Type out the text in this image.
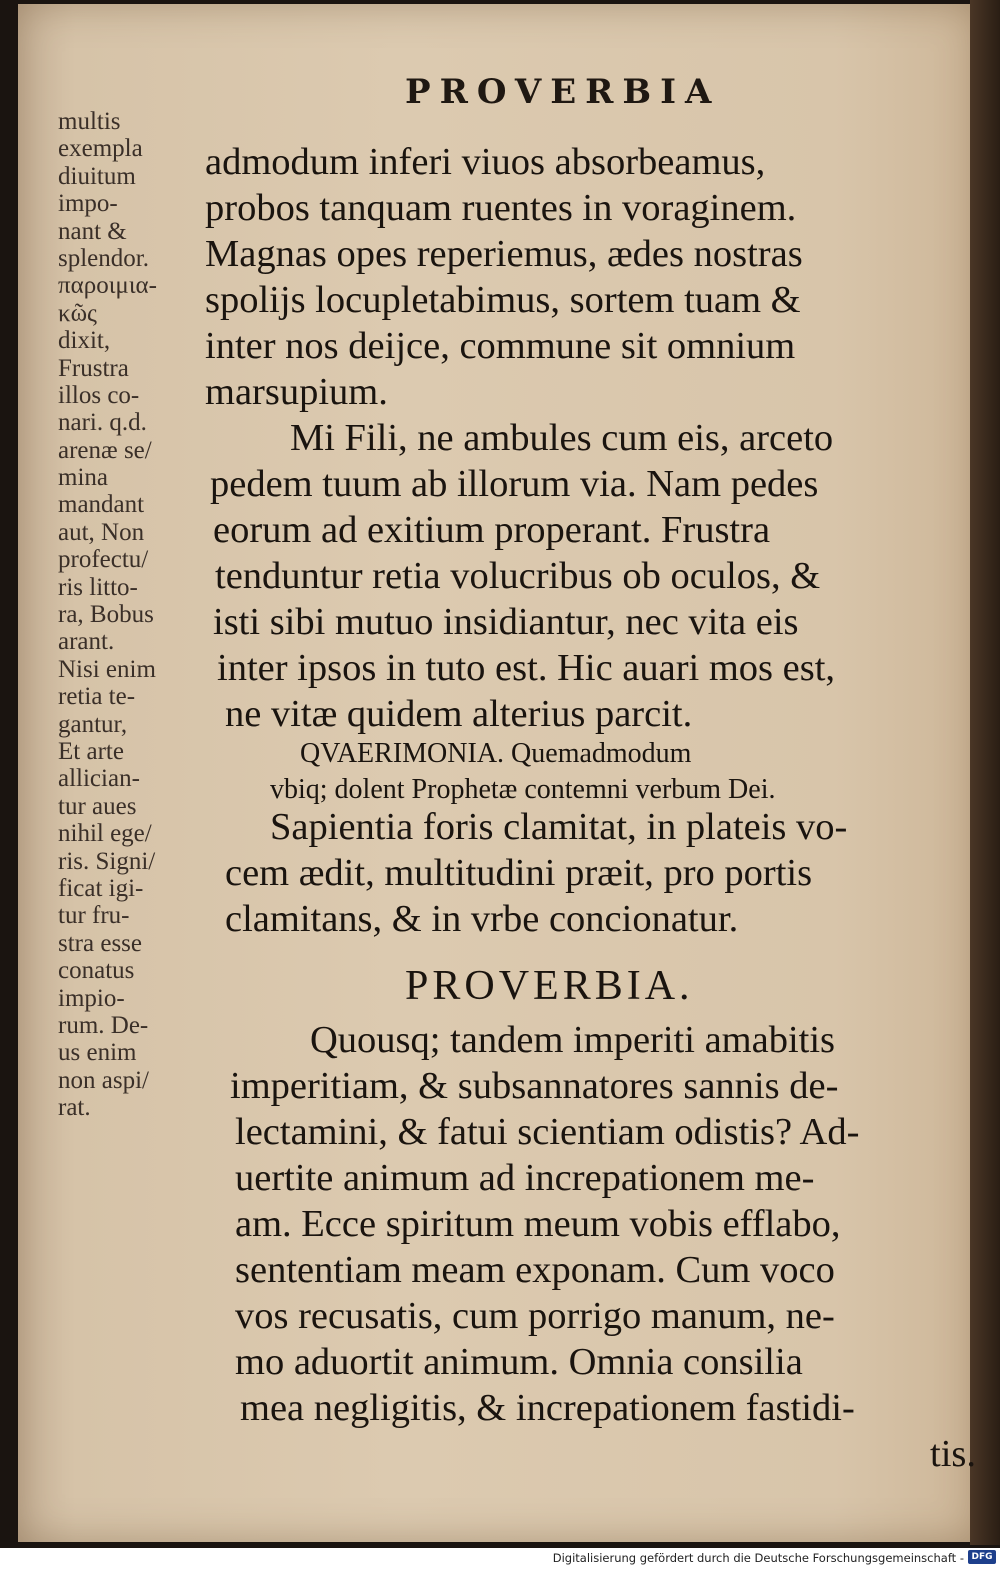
PROVERBIA
multis
exempla
diuitum
impo-
nant &
splendor.
παροιμια-
κῶς
dixit,
Frustra
illos co-
nari. q.d.
arenæ se/
mina
mandant
aut, Non
profectu/
ris litto-
ra, Bobus
arant.
Nisi enim
retia te-
gantur,
Et arte
allician-
tur aues
nihil ege/
ris. Signi/
ficat igi-
tur fru-
stra esse
conatus
impio-
rum. De-
us enim
non aspi/
rat.
admodum inferi viuos absorbeamus,
probos tanquam ruentes in voraginem.
Magnas opes reperiemus, ædes nostras
spolijs locupletabimus, sortem tuam &
inter nos deijce, commune sit omnium
marsupium.
Mi Fili, ne ambules cum eis, arceto
pedem tuum ab illorum via. Nam pedes
eorum ad exitium properant. Frustra
tenduntur retia volucribus ob oculos, &
isti sibi mutuo insidiantur, nec vita eis
inter ipsos in tuto est. Hic auari mos est,
ne vitæ quidem alterius parcit.
QVAERIMONIA. Quemadmodum
vbiq; dolent Prophetæ contemni verbum Dei.
Sapientia foris clamitat, in plateis vo-
cem ædit, multitudini præit, pro portis
clamitans, & in vrbe concionatur.
PROVERBIA.
Quousq; tandem imperiti amabitis
imperitiam, & subsannatores sannis de-
lectamini, & fatui scientiam odistis? Ad-
uertite animum ad increpationem me-
am. Ecce spiritum meum vobis efflabo,
sententiam meam exponam. Cum voco
vos recusatis, cum porrigo manum, ne-
mo aduortit animum. Omnia consilia
mea negligitis, & increpationem fastidi-
tis.
Digitalisierung gefördert durch die Deutsche Forschungsgemeinschaft - DFG
